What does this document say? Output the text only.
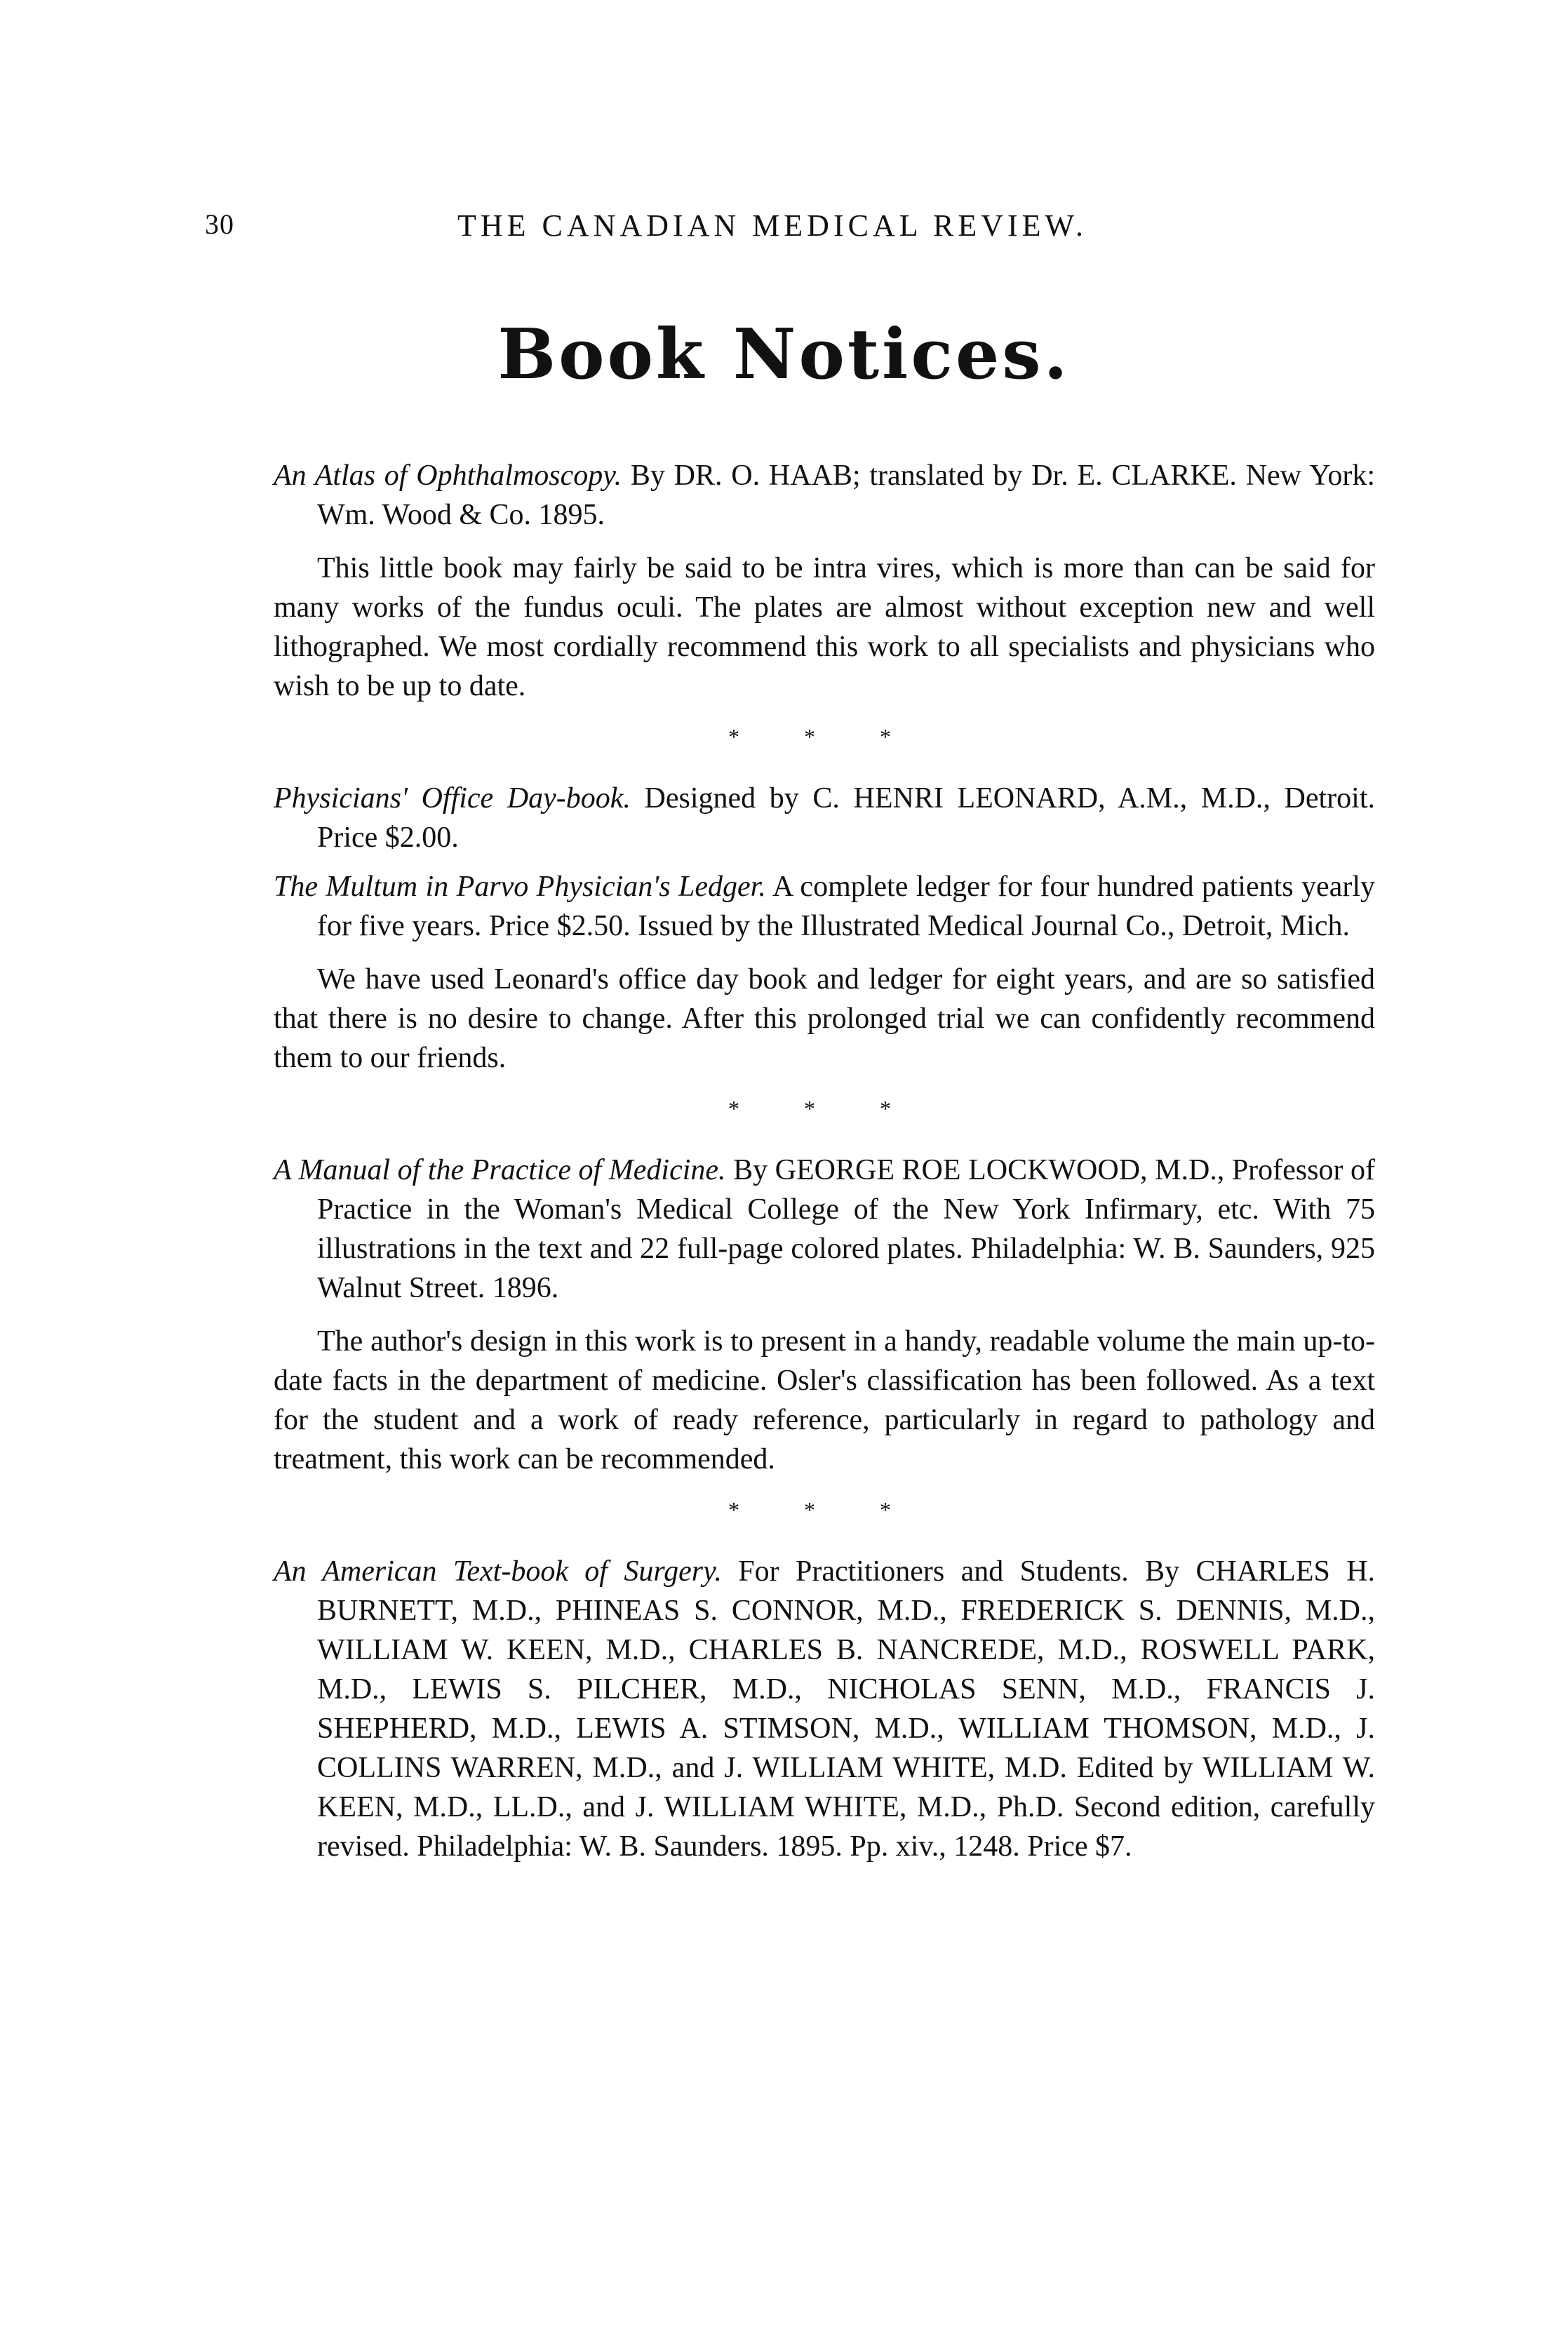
30	THE CANADIAN MEDICAL REVIEW.
Book Notices.

An Atlas of Ophthalmoscopy. By DR. O. HAAB; translated by Dr. E. CLARKE. New York: Wm. Wood & Co. 1895.

This little book may fairly be said to be intra vires, which is more than can be said for many works of the fundus oculi. The plates are almost without exception new and well lithographed. We most cordially recommend this work to all specialists and physicians who wish to be up to date.

* * *

Physicians' Office Day-book. Designed by C. HENRI LEONARD, A.M., M.D., Detroit. Price $2.00.

The Multum in Parvo Physician's Ledger. A complete ledger for four hundred patients yearly for five years. Price $2.50. Issued by the Illustrated Medical Journal Co., Detroit, Mich.

We have used Leonard's office day book and ledger for eight years, and are so satisfied that there is no desire to change. After this prolonged trial we can confidently recommend them to our friends.

* * *

A Manual of the Practice of Medicine. By GEORGE ROE LOCKWOOD, M.D., Professor of Practice in the Woman's Medical College of the New York Infirmary, etc. With 75 illustrations in the text and 22 full-page colored plates. Philadelphia: W. B. Saunders, 925 Walnut Street. 1896.

The author's design in this work is to present in a handy, readable volume the main up-to-date facts in the department of medicine. Osler's classification has been followed. As a text for the student and a work of ready reference, particularly in regard to pathology and treatment, this work can be recommended.

* * *

An American Text-book of Surgery. For Practitioners and Students. By CHARLES H. BURNETT, M.D., PHINEAS S. CONNOR, M.D., FREDERICK S. DENNIS, M.D., WILLIAM W. KEEN, M.D., CHARLES B. NANCREDE, M.D., ROSWELL PARK, M.D., LEWIS S. PILCHER, M.D., NICHOLAS SENN, M.D., FRANCIS J. SHEPHERD, M.D., LEWIS A. STIMSON, M.D., WILLIAM THOMSON, M.D., J. COLLINS WARREN, M.D., and J. WILLIAM WHITE, M.D. Edited by WILLIAM W. KEEN, M.D., LL.D., and J. WILLIAM WHITE, M.D., Ph.D. Second edition, carefully revised. Philadelphia: W. B. Saunders. 1895. Pp. xiv., 1248. Price $7.
